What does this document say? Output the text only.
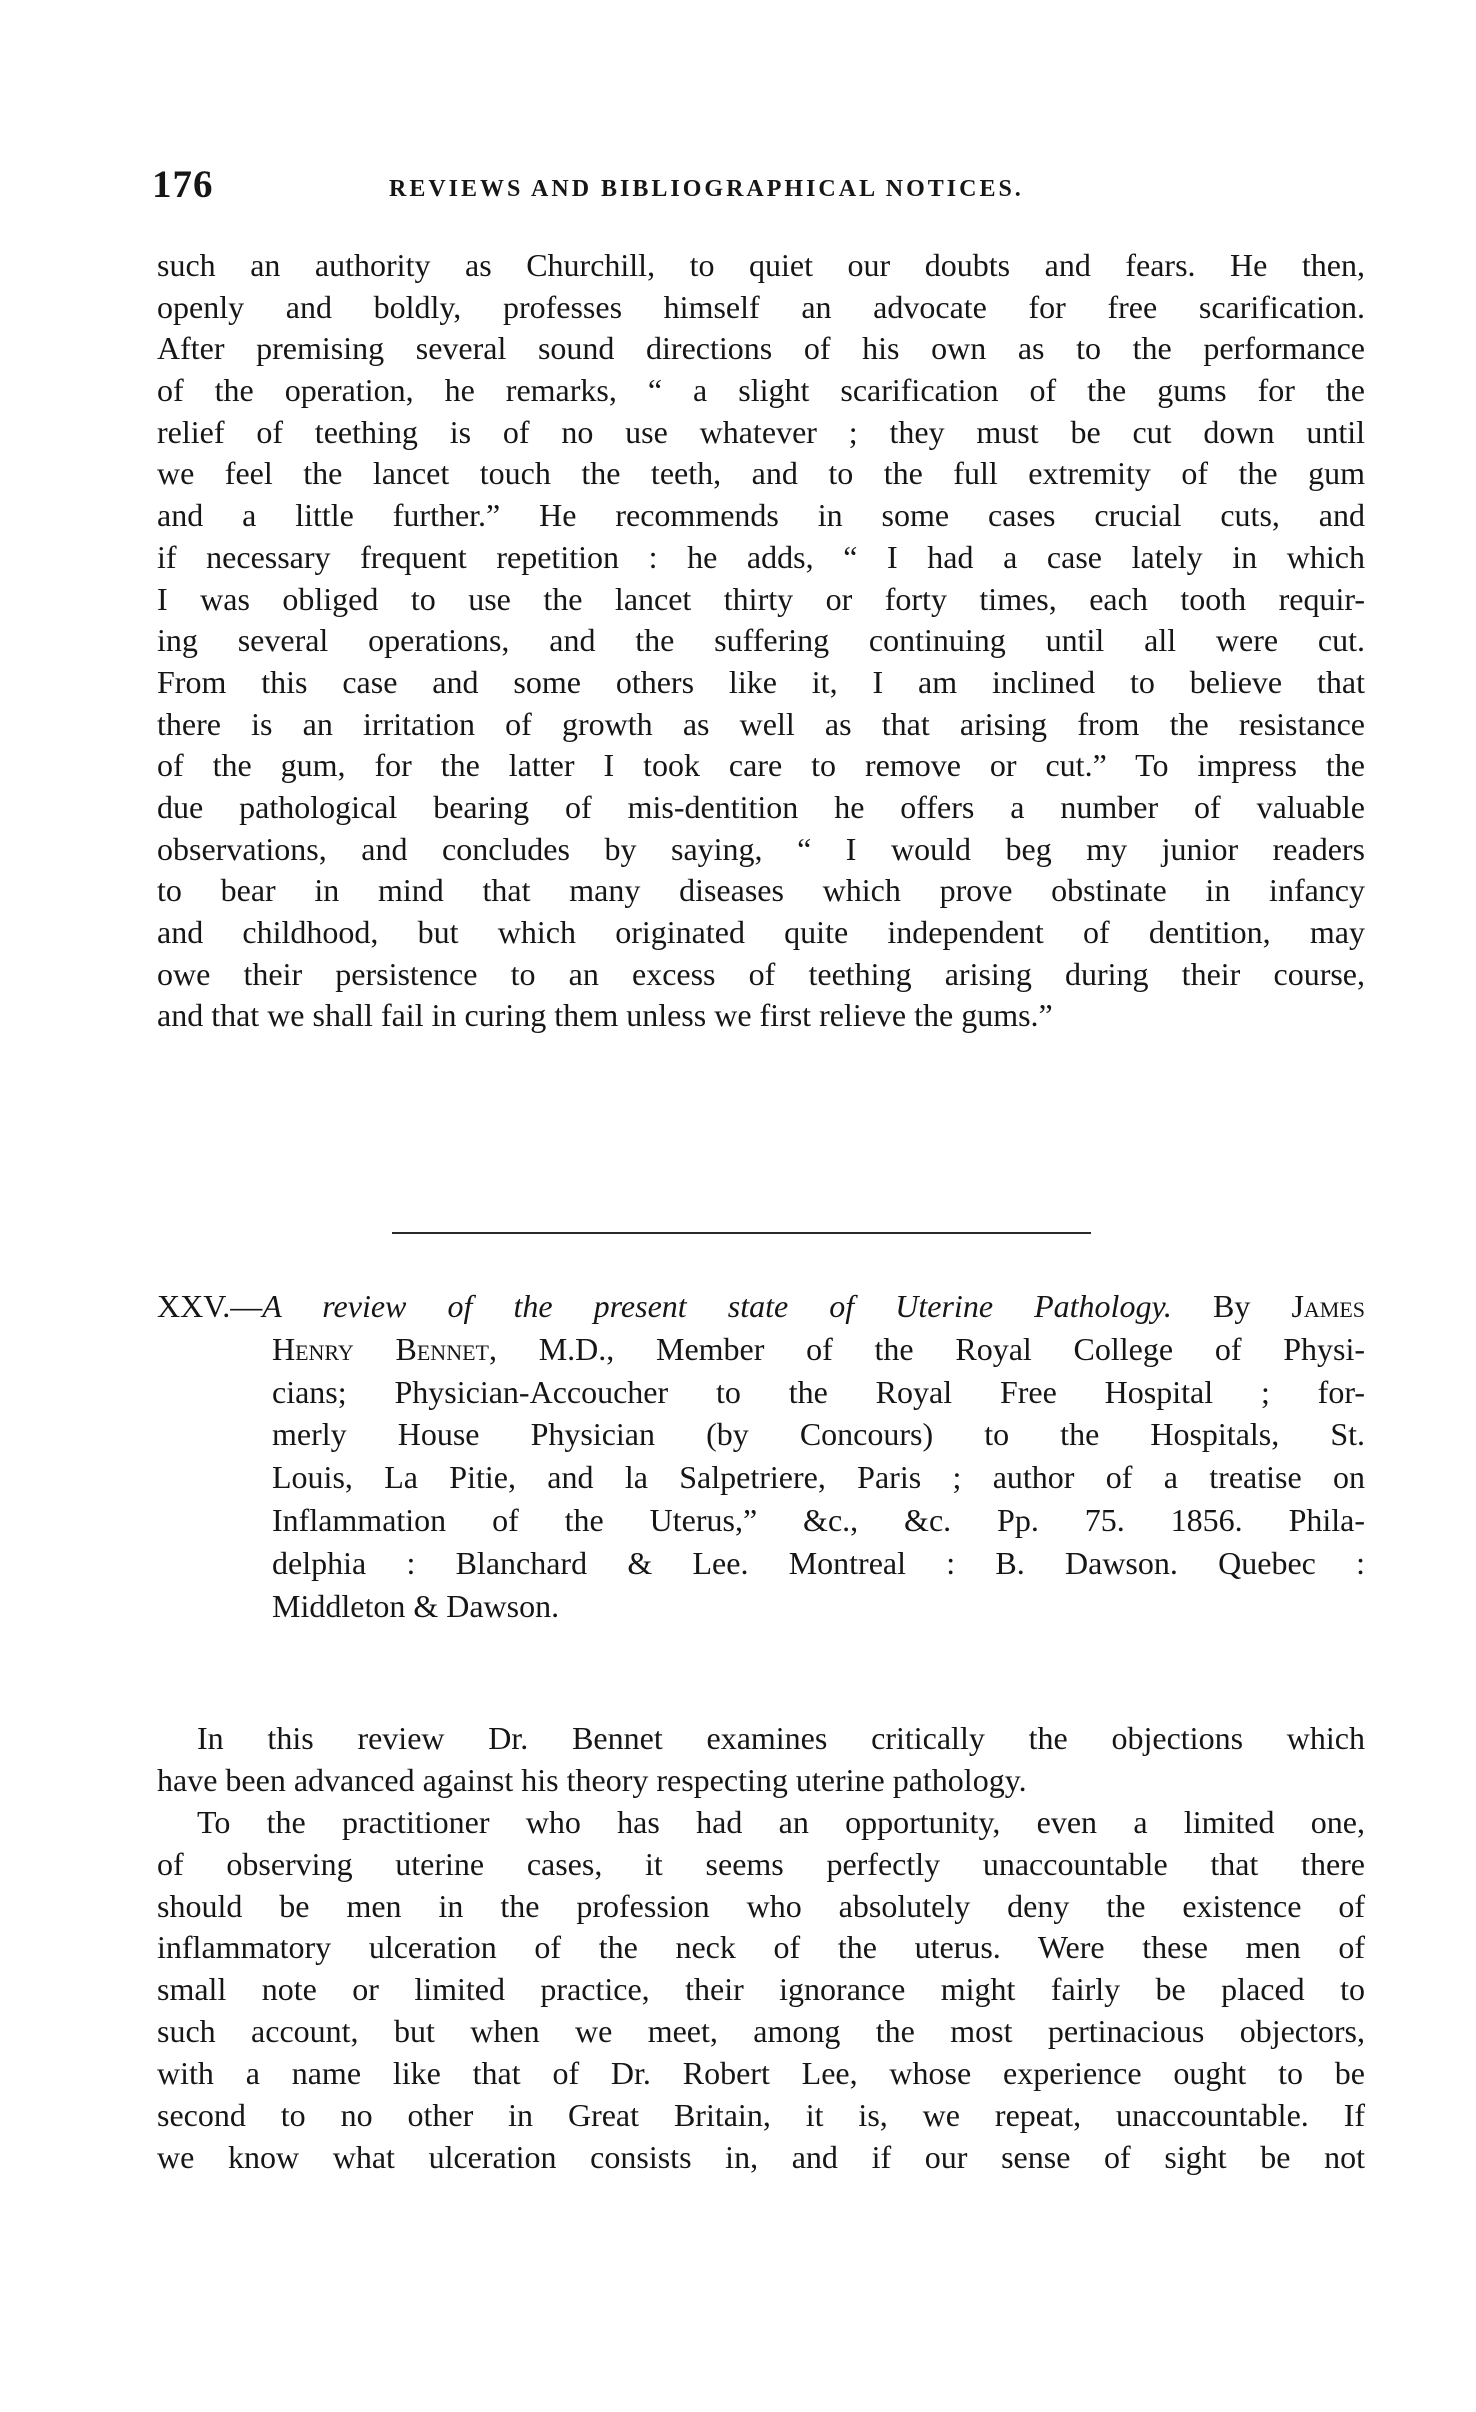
176	REVIEWS AND BIBLIOGRAPHICAL NOTICES.
such an authority as Churchill, to quiet our doubts and fears. He then,
openly and boldly, professes himself an advocate for free scarification.
After premising several sound directions of his own as to the performance
of the operation, he remarks, “ a slight scarification of the gums for the
relief of teething is of no use whatever ; they must be cut down until
we feel the lancet touch the teeth, and to the full extremity of the gum
and a little further.” He recommends in some cases crucial cuts, and
if necessary frequent repetition : he adds, “ I had a case lately in which
I was obliged to use the lancet thirty or forty times, each tooth requir-
ing several operations, and the suffering continuing until all were cut.
From this case and some others like it, I am inclined to believe that
there is an irritation of growth as well as that arising from the resistance
of the gum, for the latter I took care to remove or cut.” To impress the
due pathological bearing of mis-dentition he offers a number of valuable
observations, and concludes by saying, “ I would beg my junior readers
to bear in mind that many diseases which prove obstinate in infancy
and childhood, but which originated quite independent of dentition, may
owe their persistence to an excess of teething arising during their course,
and that we shall fail in curing them unless we first relieve the gums.”
XXV.—A review of the present state of Uterine Pathology. By James
Henry Bennet, M.D., Member of the Royal College of Physi-
cians; Physician-Accoucher to the Royal Free Hospital ; for-
merly House Physician (by Concours) to the Hospitals, St.
Louis, La Pitie, and la Salpetriere, Paris ; author of a treatise on
Inflammation of the Uterus,” &c., &c. Pp. 75. 1856. Phila-
delphia : Blanchard & Lee. Montreal : B. Dawson. Quebec :
Middleton & Dawson.
In this review Dr. Bennet examines critically the objections which
have been advanced against his theory respecting uterine pathology.
To the practitioner who has had an opportunity, even a limited one,
of observing uterine cases, it seems perfectly unaccountable that there
should be men in the profession who absolutely deny the existence of
inflammatory ulceration of the neck of the uterus. Were these men of
small note or limited practice, their ignorance might fairly be placed to
such account, but when we meet, among the most pertinacious objectors,
with a name like that of Dr. Robert Lee, whose experience ought to be
second to no other in Great Britain, it is, we repeat, unaccountable. If
we know what ulceration consists in, and if our sense of sight be not
